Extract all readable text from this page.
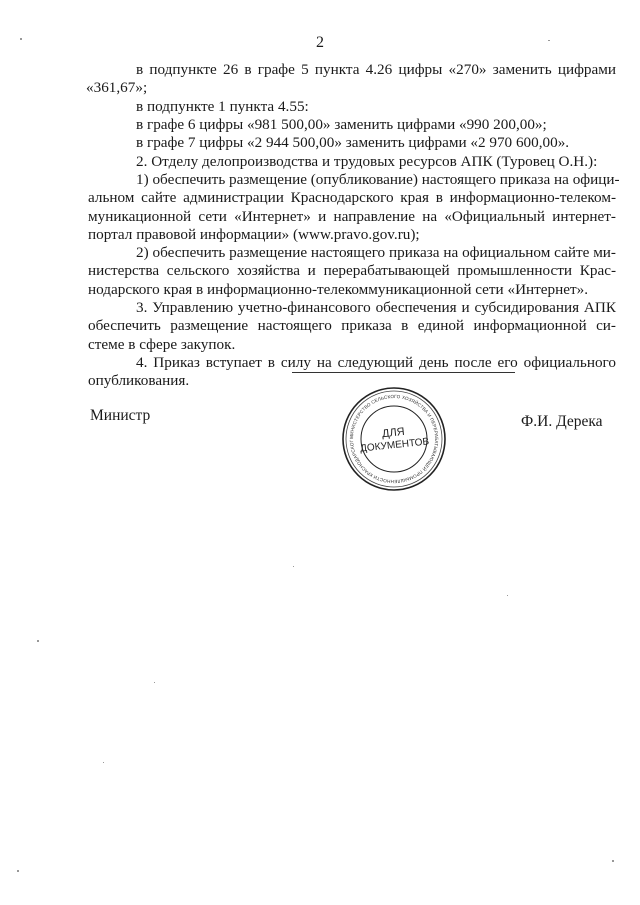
2

в подпункте 26 в графе 5 пункта 4.26 цифры «270» заменить цифрами

«361,67»;

в подпункте 1 пункта 4.55:

в графе 6 цифры «981 500,00» заменить цифрами «990 200,00»;

в графе 7 цифры «2 944 500,00» заменить цифрами «2 970 600,00».

2. Отделу делопроизводства и трудовых ресурсов АПК (Туровец О.Н.):

1) обеспечить размещение (опубликование) настоящего приказа на офици-

альном сайте администрации Краснодарского края в информационно-телеком-

муникационной сети «Интернет» и направление на «Официальный интернет-

портал правовой информации» (www.pravo.gov.ru);

2) обеспечить размещение настоящего приказа на официальном сайте ми-

нистерства сельского хозяйства и перерабатывающей промышленности Крас-

нодарского края в информационно-телекоммуникационной сети «Интернет».

3. Управлению учетно-финансового обеспечения и субсидирования АПК

обеспечить размещение настоящего приказа в единой информационной си-

стеме в сфере закупок.

4. Приказ вступает в силу на следующий день после его официального

опубликования.

Министр
МИНИСТЕРСТВО СЕЛЬСКОГО ХОЗЯЙСТВА И ПЕРЕРАБАТЫВАЮЩЕЙ ПРОМЫШЛЕННОСТИ КРАСНОДАРСКОГ
ДЛЯ
ДОКУМЕНТОВ
Ф.И. Дерека
